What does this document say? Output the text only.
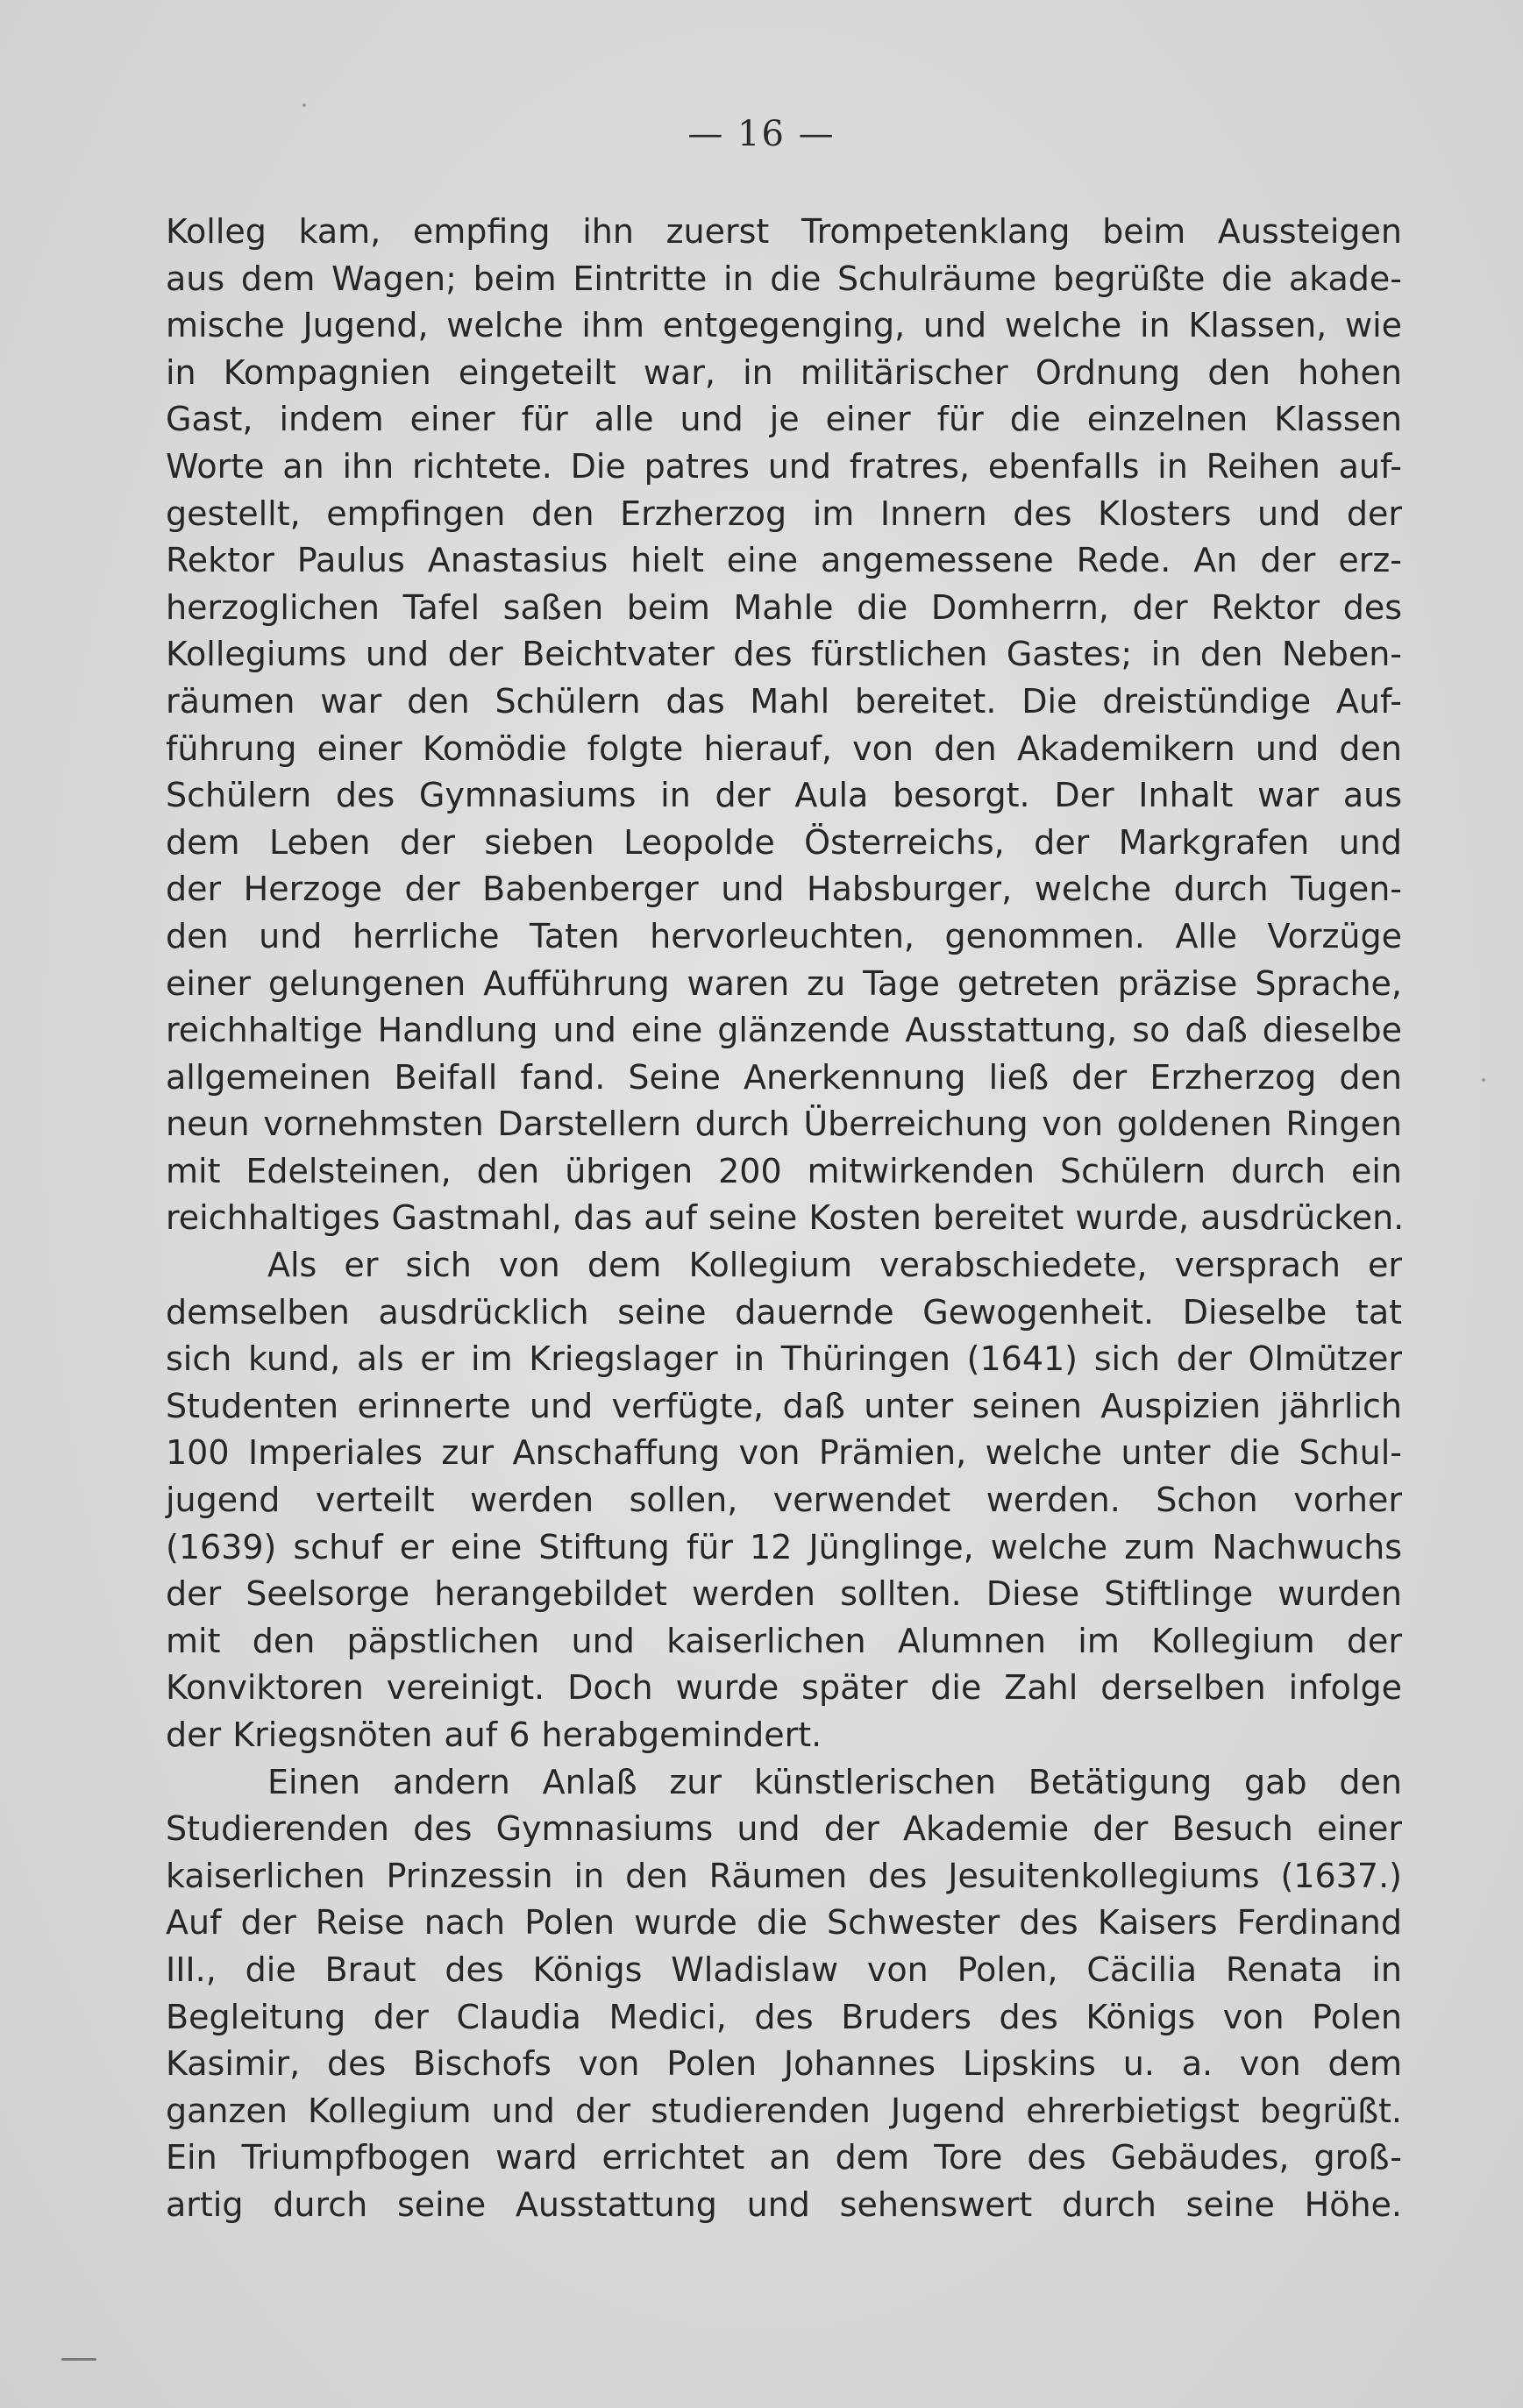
— 16 —
Kolleg kam, empfing ihn zuerst Trompetenklang beim Aussteigen
aus dem Wagen; beim Eintritte in die Schulräume begrüßte die akade-
mische Jugend, welche ihm entgegenging, und welche in Klassen, wie
in Kompagnien eingeteilt war, in militärischer Ordnung den hohen
Gast, indem einer für alle und je einer für die einzelnen Klassen
Worte an ihn richtete. Die patres und fratres, ebenfalls in Reihen auf-
gestellt, empfingen den Erzherzog im Innern des Klosters und der
Rektor Paulus Anastasius hielt eine angemessene Rede. An der erz-
herzoglichen Tafel saßen beim Mahle die Domherrn, der Rektor des
Kollegiums und der Beichtvater des fürstlichen Gastes; in den Neben-
räumen war den Schülern das Mahl bereitet. Die dreistündige Auf-
führung einer Komödie folgte hierauf, von den Akademikern und den
Schülern des Gymnasiums in der Aula besorgt. Der Inhalt war aus
dem Leben der sieben Leopolde Österreichs, der Markgrafen und
der Herzoge der Babenberger und Habsburger, welche durch Tugen-
den und herrliche Taten hervorleuchten, genommen. Alle Vorzüge
einer gelungenen Aufführung waren zu Tage getreten präzise Sprache,
reichhaltige Handlung und eine glänzende Ausstattung, so daß dieselbe
allgemeinen Beifall fand. Seine Anerkennung ließ der Erzherzog den
neun vornehmsten Darstellern durch Überreichung von goldenen Ringen
mit Edelsteinen, den übrigen 200 mitwirkenden Schülern durch ein
reichhaltiges Gastmahl, das auf seine Kosten bereitet wurde, ausdrücken.
Als er sich von dem Kollegium verabschiedete, versprach er
demselben ausdrücklich seine dauernde Gewogenheit. Dieselbe tat
sich kund, als er im Kriegslager in Thüringen (1641) sich der Olmützer
Studenten erinnerte und verfügte, daß unter seinen Auspizien jährlich
100 Imperiales zur Anschaffung von Prämien, welche unter die Schul-
jugend verteilt werden sollen, verwendet werden. Schon vorher
(1639) schuf er eine Stiftung für 12 Jünglinge, welche zum Nachwuchs
der Seelsorge herangebildet werden sollten. Diese Stiftlinge wurden
mit den päpstlichen und kaiserlichen Alumnen im Kollegium der
Konviktoren vereinigt. Doch wurde später die Zahl derselben infolge
der Kriegsnöten auf 6 herabgemindert.
Einen andern Anlaß zur künstlerischen Betätigung gab den
Studierenden des Gymnasiums und der Akademie der Besuch einer
kaiserlichen Prinzessin in den Räumen des Jesuitenkollegiums (1637.)
Auf der Reise nach Polen wurde die Schwester des Kaisers Ferdinand
III., die Braut des Königs Wladislaw von Polen, Cäcilia Renata in
Begleitung der Claudia Medici, des Bruders des Königs von Polen
Kasimir, des Bischofs von Polen Johannes Lipskins u. a. von dem
ganzen Kollegium und der studierenden Jugend ehrerbietigst begrüßt.
Ein Triumpfbogen ward errichtet an dem Tore des Gebäudes, groß-
artig durch seine Ausstattung und sehenswert durch seine Höhe.
